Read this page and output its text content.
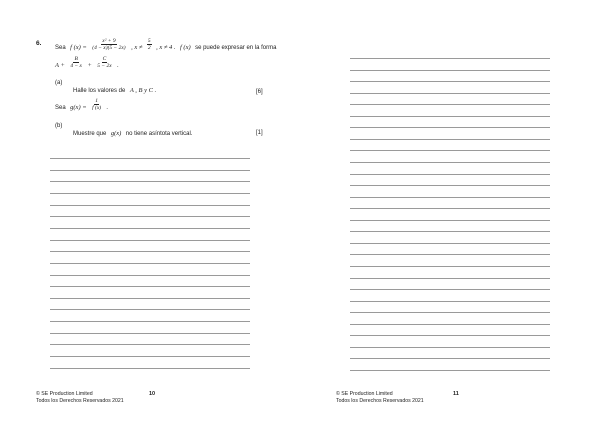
6.
Sea f $(x) = \frac{\text{x² + 9}}{(4 - x)(5 - 2x)}$ , $x \ne \frac{5}{2}$ , x ≠ 4 . f (x) se puede expresar en la forma
$A + \frac{B}{4 - x} + \frac{C}{5 - 2x}$ .
(a)
Halle los valores de A , B y C .	[6]
Sea $g(x) = \frac{1}{f (x)}$ .
(b)
Muestre que g(x) no tiene asíntota vertical.	[1]
© SE Production Limited
Todos los Derechos Reservados 2021
10	© SE Production Limited
Todos los Derechos Reservados 2021
11
